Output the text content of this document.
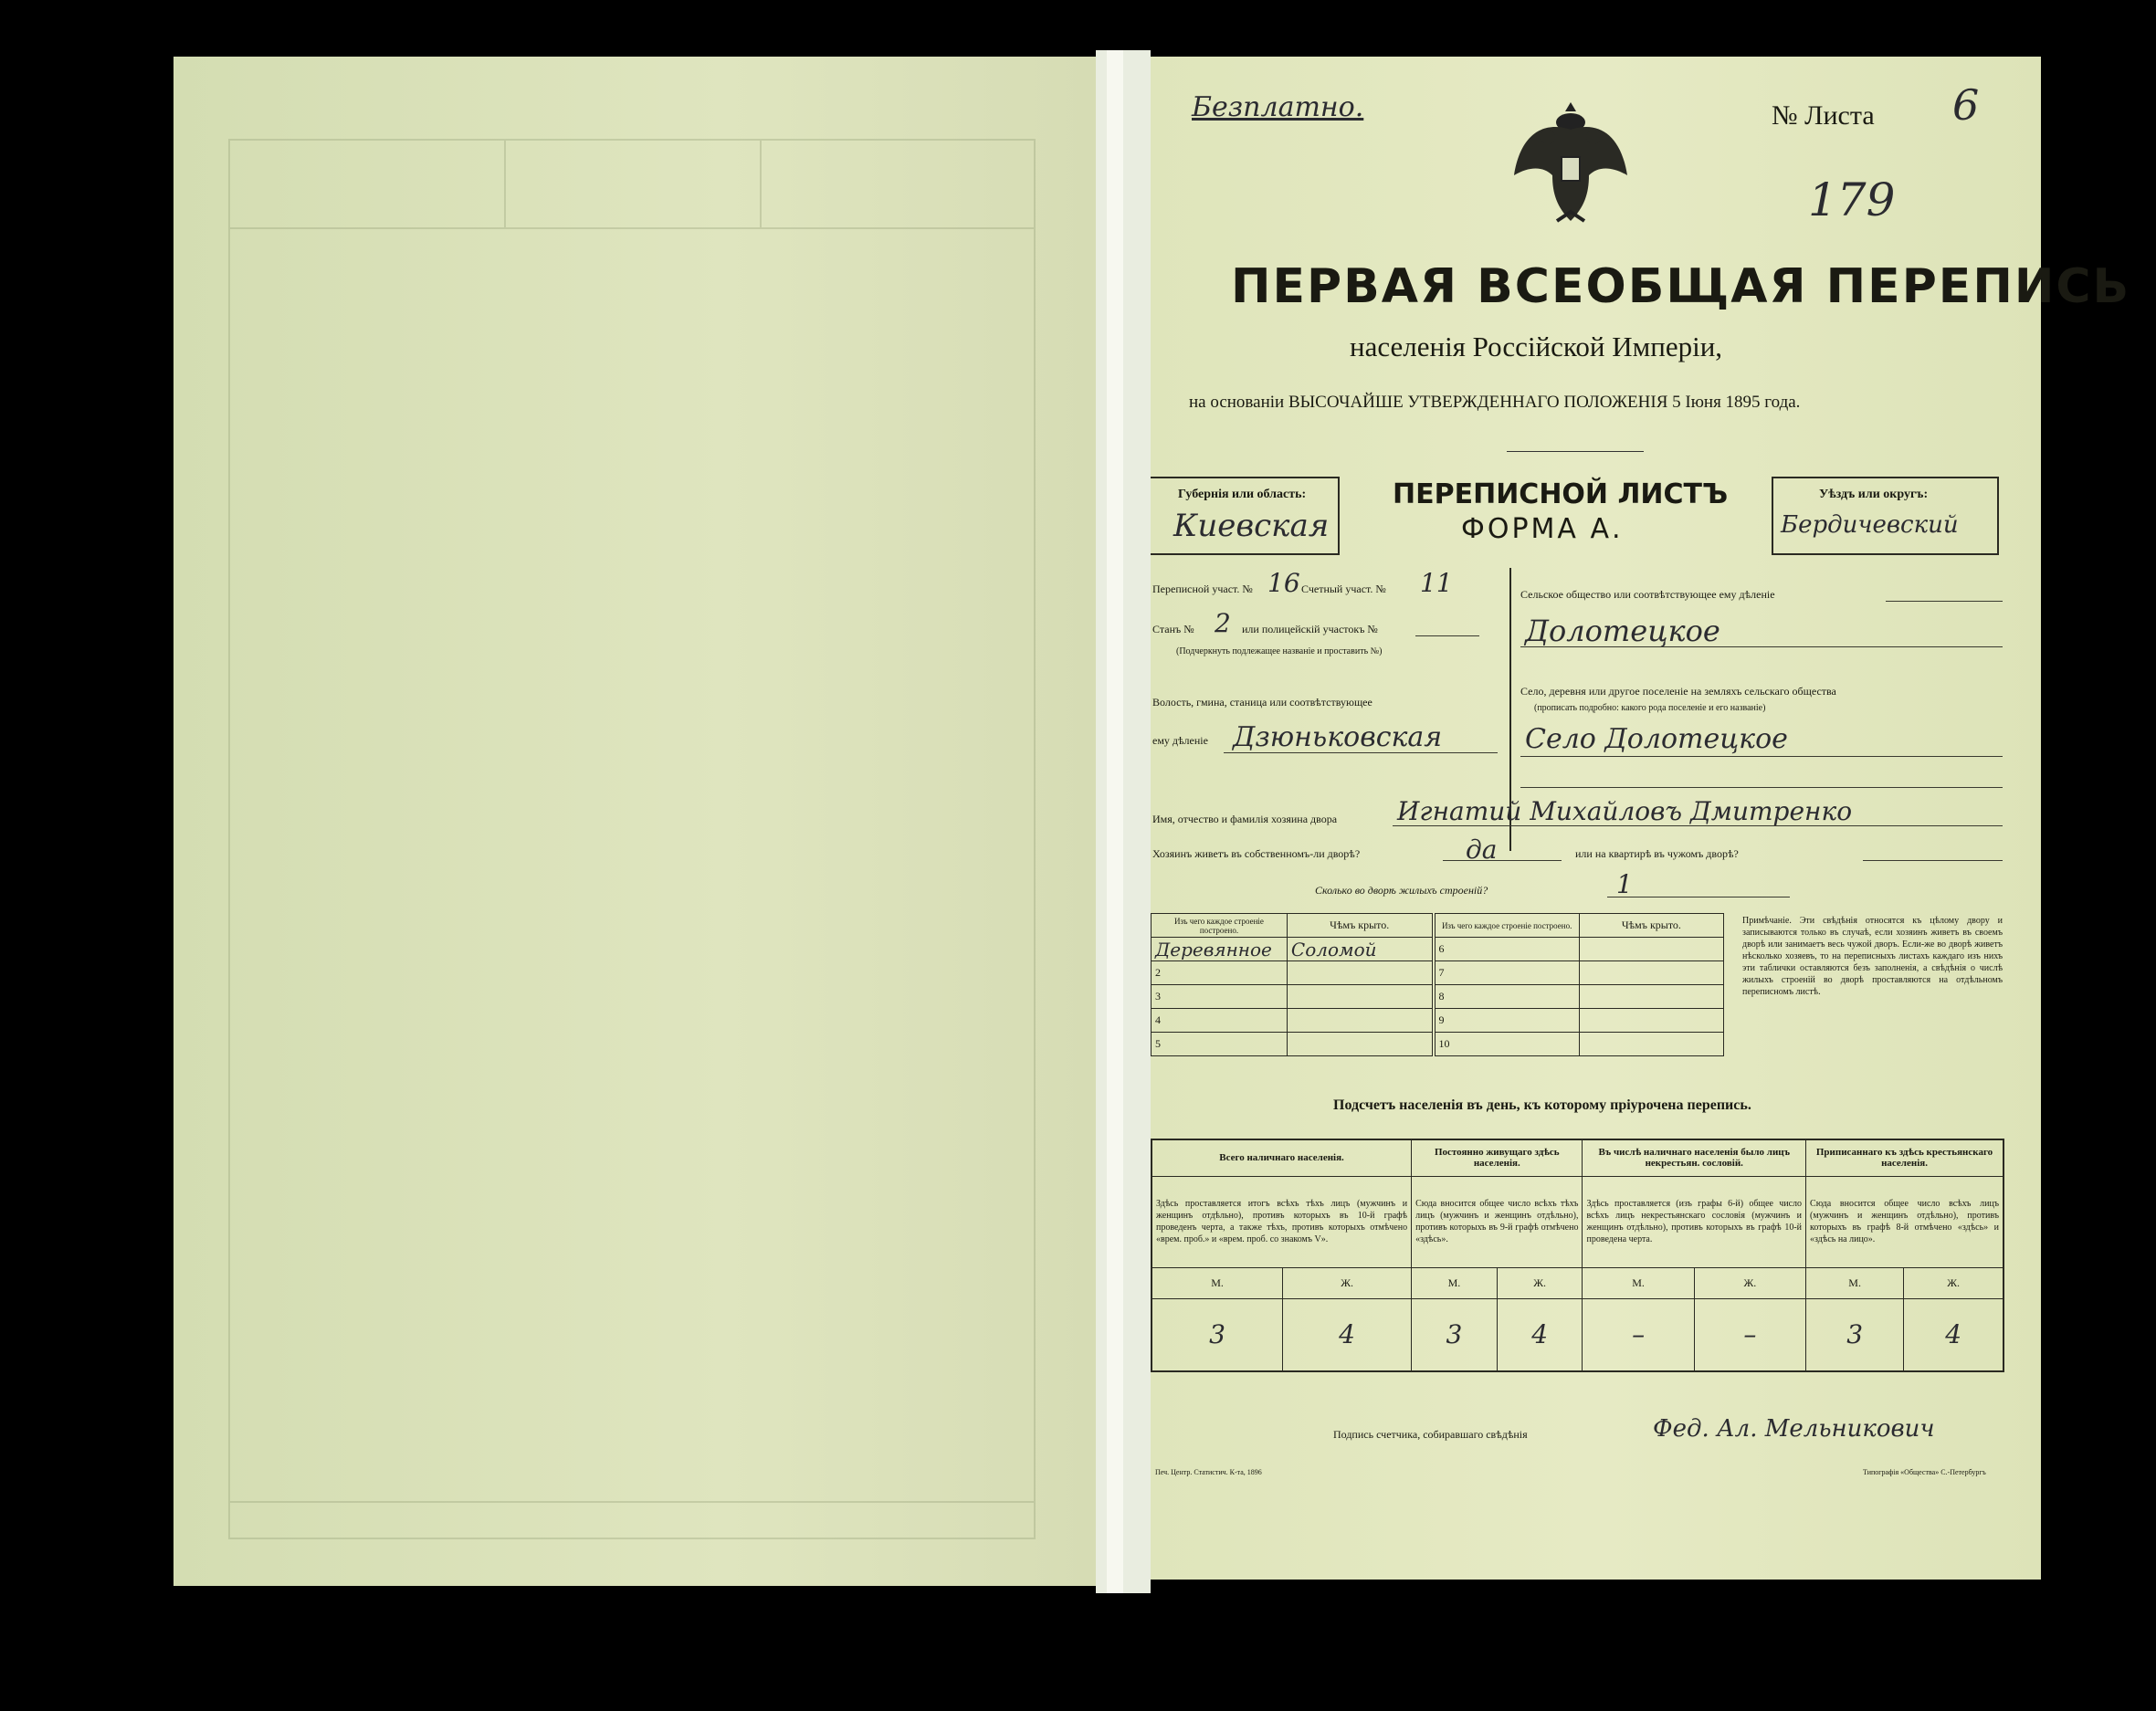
Безплатно.	№ Листа 6
179
ПЕРВАЯ ВСЕОБЩАЯ ПЕРЕПИСЬ
населенія Россійской Имперіи,
на основаніи ВЫСОЧАЙШЕ УТВЕРЖДЕННАГО ПОЛОЖЕНІЯ 5 Іюня 1895 года.
Губернія или область:
Киевская
ПЕРЕПИСНОЙ ЛИСТЪ
ФОРМА А.
Уѣздъ или округъ:
Бердичевский
Переписной участ. № 16 Счетный участ. № 11
Станъ № 2 или полицейскій участокъ №
(Подчеркнуть подлежащее названіе и проставить №)
Волость, гмина, станица или соотвѣтствующее
ему дѣленіе Дзюньковская
Сельское общество или соотвѣтствующее ему дѣленіе
Долотецкое
Село, деревня или другое поселеніе на земляхъ сельскаго общества
(прописать подробно: какого рода поселеніе и его названіе)
Село Долотецкое
Имя, отчество и фамилія хозяина двора Игнатий Михайловъ Дмитренко
Хозяинъ живетъ въ собственномъ-ли дворѣ?	да	или на квартирѣ въ чужомъ дворѣ?
Сколько во дворѣ жилыхъ строеній?	1
Изъ чего каждое строеніе построено.	Чѣмъ крыто.	Изъ чего каждое строеніе построено.	Чѣмъ крыто.
Деревянное	Соломой	6	
2		7	
3		8	
4		9	
5		10	
Примѣчаніе. Эти свѣдѣнія относятся къ цѣлому двору и записываются только въ случаѣ, если хозяинъ живетъ въ своемъ дворѣ или занимаетъ весь чужой дворъ. Если-же во дворѣ живетъ нѣсколько хозяевъ, то на переписныхъ листахъ каждаго изъ нихъ эти таблички оставляются безъ заполненія, а свѣдѣнія о числѣ жилыхъ строеній во дворѣ проставляются на отдѣльномъ переписномъ листѣ.
Подсчетъ населенія въ день, къ которому пріурочена перепись.
Всего наличнаго населенія.		Постоянно живущаго здѣсь населенія.		Въ числѣ наличнаго населенія было лицъ некрестьян. сословій.		Приписаннаго къ здѣсь крестьянскаго населенія.	
Здѣсь проставляется итогъ всѣхъ тѣхъ лицъ (мужчинъ и женщинъ отдѣльно), противъ которыхъ въ 10-й графѣ проведенъ черта, а также тѣхъ, противъ которыхъ отмѣчено «врем. проб.» и «врем. проб. со знакомъ V».		Сюда вносится общее число всѣхъ тѣхъ лицъ (мужчинъ и женщинъ отдѣльно), противъ которыхъ въ 9-й графѣ отмѣчено «здѣсь».		Здѣсь проставляется (изъ графы 6-й) общее число всѣхъ лицъ некрестьянскаго сословія (мужчинъ и женщинъ отдѣльно), противъ которыхъ въ графѣ 10-й проведена черта.		Сюда вносится общее число всѣхъ лицъ (мужчинъ и женщинъ отдѣльно), противъ которыхъ въ графѣ 8-й отмѣчено «здѣсь» и «здѣсь на лицо».	
М.	Ж.	М.	Ж.	М.	Ж.	М.	Ж.
3	4	3	4	–	–	3	4
Подпись счетчика, собиравшаго свѣдѣнія	Фед. Ал. Мельникович
Печ. Центр. Статистич. К-та, 1896	Типографія «Общества» С.-Петербургъ
